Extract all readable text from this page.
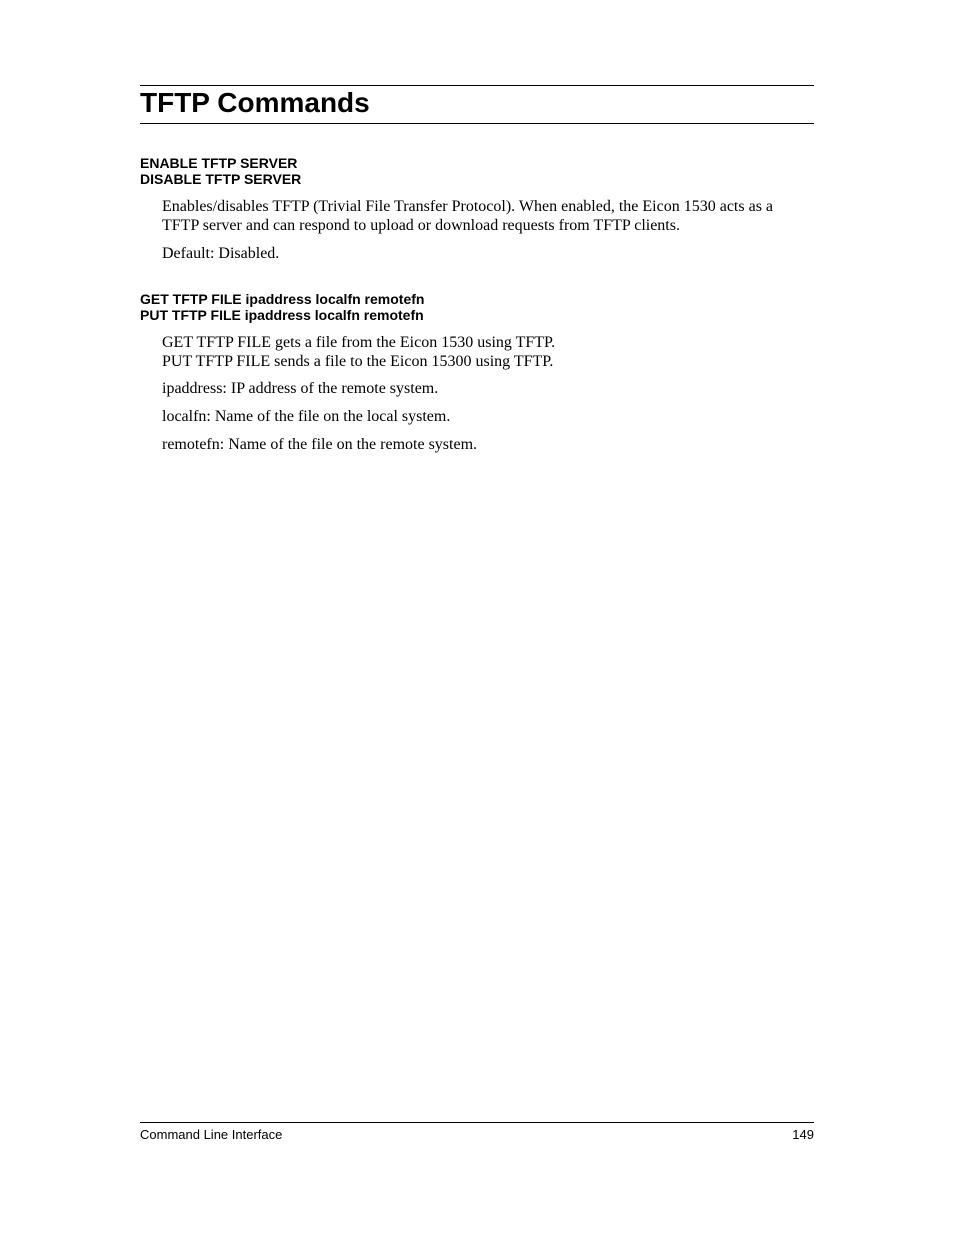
TFTP Commands
ENABLE TFTP SERVER
DISABLE TFTP SERVER

Enables/disables TFTP (Trivial File Transfer Protocol). When enabled, the Eicon 1530 acts as a
TFTP server and can respond to upload or download requests from TFTP clients.

Default: Disabled.

GET TFTP FILE ipaddress localfn remotefn
PUT TFTP FILE ipaddress localfn remotefn

GET TFTP FILE gets a file from the Eicon 1530 using TFTP.
PUT TFTP FILE sends a file to the Eicon 15300 using TFTP.

ipaddress: IP address of the remote system.

localfn: Name of the file on the local system.

remotefn: Name of the file on the remote system.

Command Line Interface	149
